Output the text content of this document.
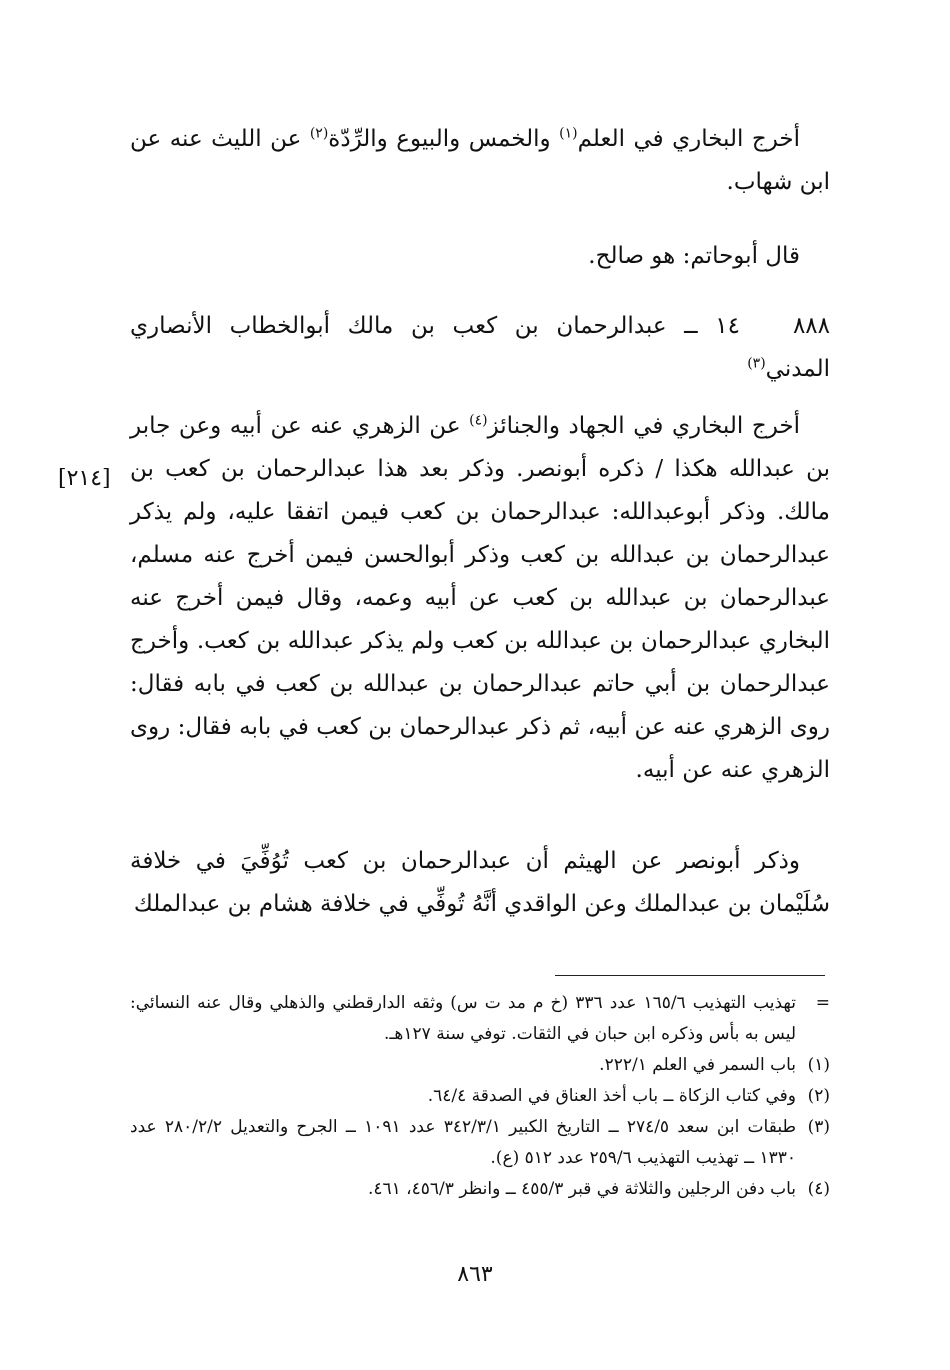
أخرج البخاري في العلم$^{(١)}$ والخمس والبيوع والرِّدّة$^{(٢)}$ عن الليث عنه عن ابن شهاب.

قال أبوحاتم: هو صالح.

٨٨٨
١٤ ــ عبدالرحمان بن كعب بن مالك أبوالخطاب الأنصاري
المدني$^{(٣)}$

أخرج البخاري في الجهاد والجنائز$^{(٤)}$ عن الزهري عنه عن أبيه وعن جابر بن عبدالله هكذا / ذكره أبونصر. وذكر بعد هذا عبدالرحمان بن كعب بن مالك. وذكر أبوعبدالله: عبدالرحمان بن كعب فيمن اتفقا عليه، ولم يذكر عبدالرحمان بن عبدالله بن كعب وذكر أبوالحسن فيمن أخرج عنه مسلم، عبدالرحمان بن عبدالله بن كعب عن أبيه وعمه، وقال فيمن أخرج عنه البخاري عبدالرحمان بن عبدالله بن كعب ولم يذكر عبدالله بن كعب. وأخرج عبدالرحمان بن أبي حاتم عبدالرحمان بن عبدالله بن كعب في بابه فقال: روى الزهري عنه عن أبيه، ثم ذكر عبدالرحمان بن كعب في بابه فقال: روى الزهري عنه عن أبيه.

[٢١٤]

وذكر أبونصر عن الهيثم أن عبدالرحمان بن كعب تُوُفِّيَ في خلافة سُلَيْمان بن عبدالملك وعن الواقدي أنَّهُ تُوفِّي في خلافة هشام بن عبدالملك

=
تهذيب التهذيب ١٦٥/٦ عدد ٣٣٦ (خ م مد ت س) وثقه الدارقطني والذهلي وقال عنه النسائي: ليس به بأس وذكره ابن حبان في الثقات. توفي سنة ١٢٧هـ.
(١)
باب السمر في العلم ٢٢٢/١.
(٢)
وفي كتاب الزكاة ــ باب أخذ العناق في الصدقة ٦٤/٤.
(٣)
طبقات ابن سعد ٢٧٤/٥ ــ التاريخ الكبير ٣٤٢/٣/١ عدد ١٠٩١ ــ الجرح والتعديل ٢٨٠/٢/٢ عدد ١٣٣٠ ــ تهذيب التهذيب ٢٥٩/٦ عدد ٥١٢ (ع).
(٤)
باب دفن الرجلين والثلاثة في قبر ٤٥٥/٣ ــ وانظر ٤٥٦/٣، ٤٦١.
٨٦٣
